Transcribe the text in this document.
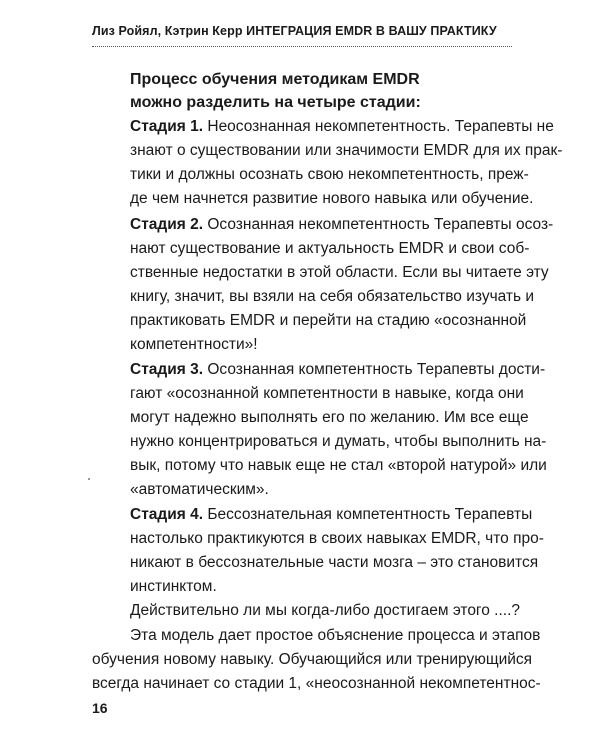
Лиз Ройял, Кэтрин Керр ИНТЕГРАЦИЯ EMDR В ВАШУ ПРАКТИКУ
Процесс обучения методикам EMDR
можно разделить на четыре стадии:
Стадия 1. Неосознанная некомпетентность. Терапевты не
знают о существовании или значимости EMDR для их прак-
тики и должны осознать свою некомпетентность, преж-
де чем начнется развитие нового навыка или обучение.
Стадия 2. Осознанная некомпетентность Терапевты осоз-
нают существование и актуальность EMDR и свои соб-
ственные недостатки в этой области. Если вы читаете эту
книгу, значит, вы взяли на себя обязательство изучать и
практиковать EMDR и перейти на стадию «осознанной
компетентности»!
Стадия 3. Осознанная компетентность Терапевты дости-
гают «осознанной компетентности в навыке, когда они
могут надежно выполнять его по желанию. Им все еще
нужно концентрироваться и думать, чтобы выполнить на-
вык, потому что навык еще не стал «второй натурой» или
«автоматическим».
Стадия 4. Бессознательная компетентность Терапевты
настолько практикуются в своих навыках EMDR, что про-
никают в бессознательные части мозга – это становится
инстинктом.
Действительно ли мы когда-либо достигаем этого ....?
Эта модель дает простое объяснение процесса и этапов
обучения новому навыку. Обучающийся или тренирующийся
всегда начинает со стадии 1, «неосознанной некомпетентнос-
16
